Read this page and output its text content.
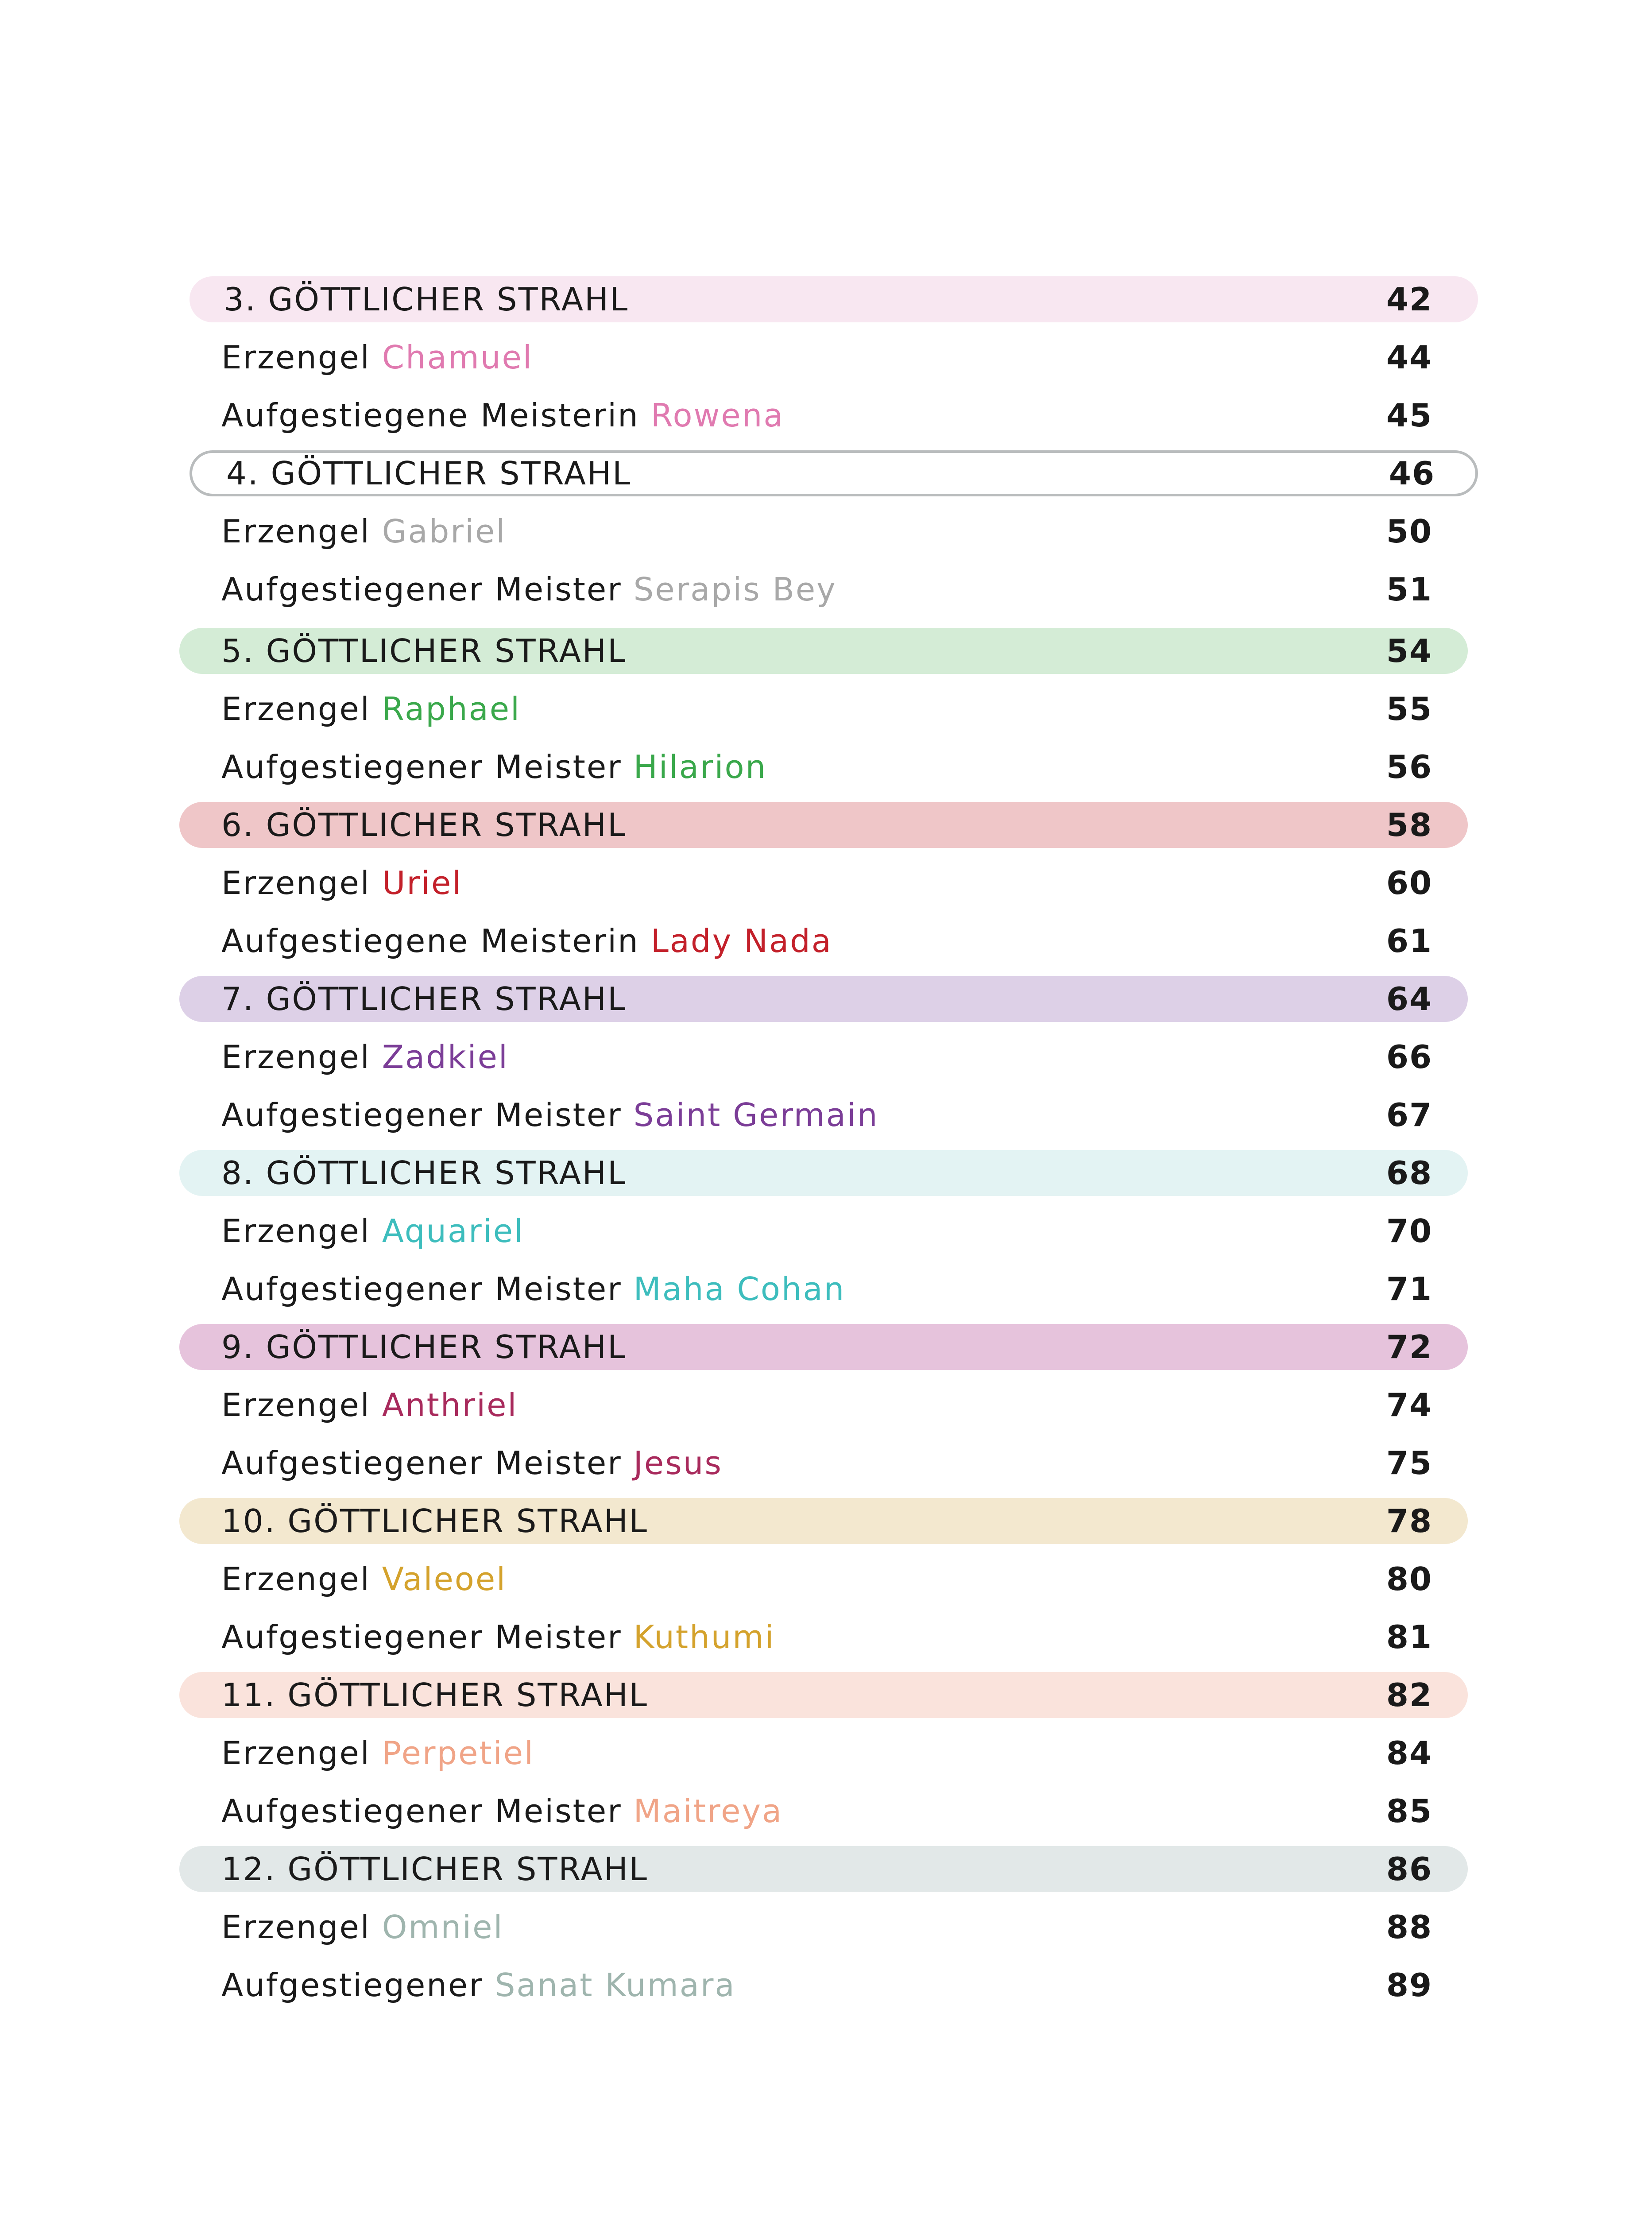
3. GÖTTLICHER STRAHL	42
Erzengel Chamuel	44
Aufgestiegene Meisterin Rowena	45
4. GÖTTLICHER STRAHL	46
Erzengel Gabriel	50
Aufgestiegener Meister Serapis Bey	51
5. GÖTTLICHER STRAHL	54
Erzengel Raphael	55
Aufgestiegener Meister Hilarion	56
6. GÖTTLICHER STRAHL	58
Erzengel Uriel	60
Aufgestiegene Meisterin Lady Nada	61
7. GÖTTLICHER STRAHL	64
Erzengel Zadkiel	66
Aufgestiegener Meister Saint Germain	67
8. GÖTTLICHER STRAHL	68
Erzengel Aquariel	70
Aufgestiegener Meister Maha Cohan	71
9. GÖTTLICHER STRAHL	72
Erzengel Anthriel	74
Aufgestiegener Meister Jesus	75
10. GÖTTLICHER STRAHL	78
Erzengel Valeoel	80
Aufgestiegener Meister Kuthumi	81
11. GÖTTLICHER STRAHL	82
Erzengel Perpetiel	84
Aufgestiegener Meister Maitreya	85
12. GÖTTLICHER STRAHL	86
Erzengel Omniel	88
Aufgestiegener Sanat Kumara	89
